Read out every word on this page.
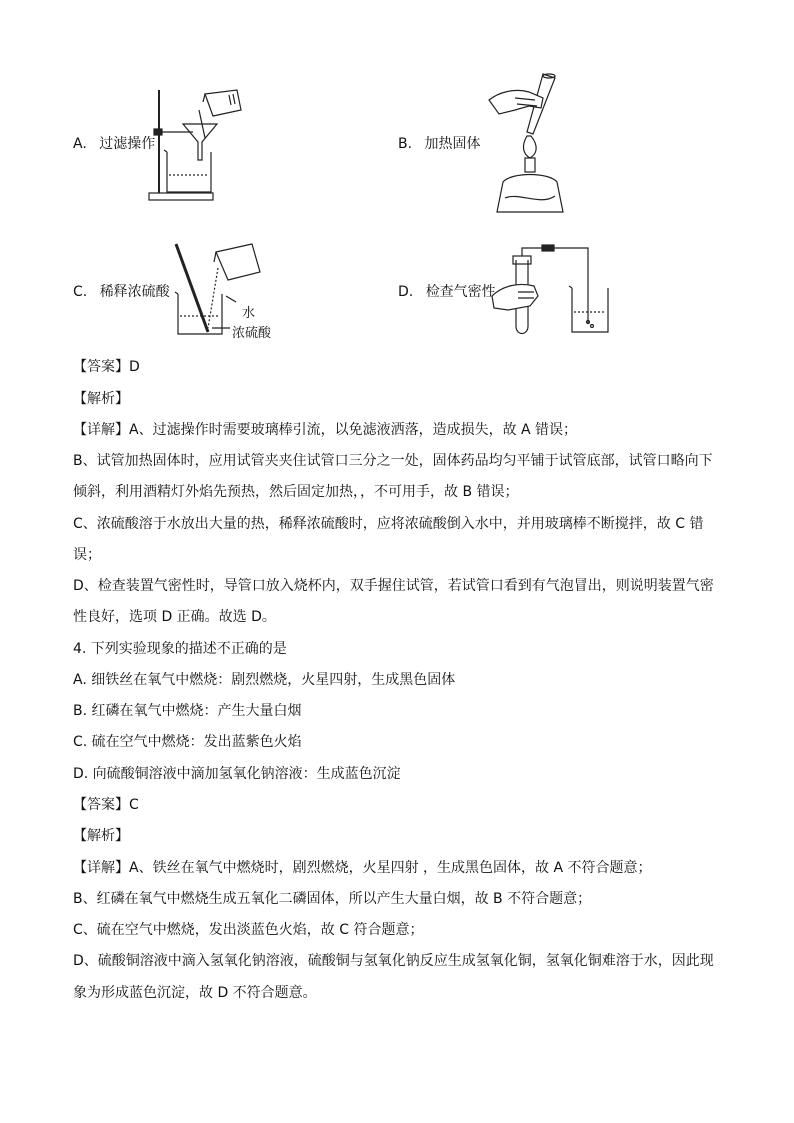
A. 过滤操作	B. 加热固体
C. 稀释浓硫酸
水
浓硫酸
D. 检查气密性
【答案】D
【解析】
【详解】A、过滤操作时需要玻璃棒引流，以免滤液洒落，造成损失，故 A 错误；
B、试管加热固体时，应用试管夹夹住试管口三分之一处，固体药品均匀平铺于试管底部，试管口略向下
倾斜，利用酒精灯外焰先预热，然后固定加热，，不可用手，故 B 错误；
C、浓硫酸溶于水放出大量的热，稀释浓硫酸时，应将浓硫酸倒入水中，并用玻璃棒不断搅拌，故 C 错
误；
D、检查装置气密性时，导管口放入烧杯内，双手握住试管，若试管口看到有气泡冒出，则说明装置气密
性良好，选项 D 正确。故选 D。
4. 下列实验现象的描述不正确的是
A. 细铁丝在氧气中燃烧：剧烈燃烧，火星四射，生成黑色固体
B. 红磷在氧气中燃烧：产生大量白烟
C. 硫在空气中燃烧：发出蓝紫色火焰
D. 向硫酸铜溶液中滴加氢氧化钠溶液：生成蓝色沉淀
【答案】C
【解析】
【详解】A、铁丝在氧气中燃烧时，剧烈燃烧，火星四射 ，生成黑色固体，故 A 不符合题意；
B、红磷在氧气中燃烧生成五氧化二磷固体，所以产生大量白烟，故 B 不符合题意；
C、硫在空气中燃烧，发出淡蓝色火焰，故 C 符合题意；
D、硫酸铜溶液中滴入氢氧化钠溶液，硫酸铜与氢氧化钠反应生成氢氧化铜，氢氧化铜难溶于水，因此现
象为形成蓝色沉淀，故 D 不符合题意。
